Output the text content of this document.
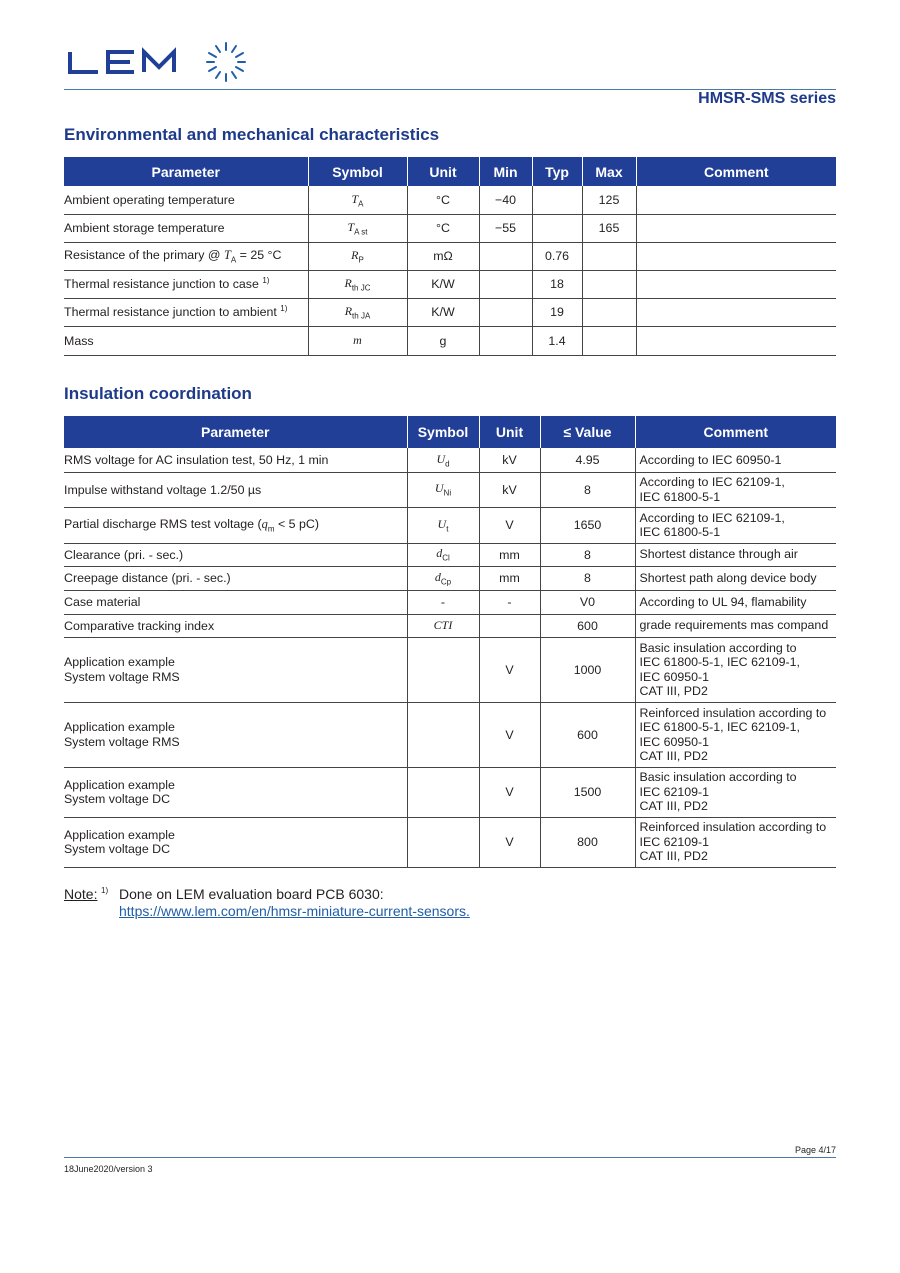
HMSR-SMS series
Environmental and mechanical characteristics
Parameter	Symbol	Unit	Min	Typ	Max	Comment
Ambient operating temperature	$T_A$	°C	−40		125	
Ambient storage temperature	$T_{A st}$	°C	−55		165	
Resistance of the primary @ $T_A = 25$ °C	$R_P$	mΩ		0.76		
Thermal resistance junction to case $^{1)}$	$R_{th JC}$	K/W		18		
Thermal resistance junction to ambient $^{1)}$	$R_{th JA}$	K/W		19		
Mass	m	g		1.4		
Insulation coordination
Parameter	Symbol	Unit	≤ Value	Comment
RMS voltage for AC insulation test, 50 Hz, 1 min	$U_d$	kV	4.95	According to IEC 60950-1

Impulse withstand voltage 1.2/50 µs	$U_{Ni}$	kV	8	According to IEC 62109-1,
IEC 61800-5-1

Partial discharge RMS test voltage ($q_m < 5$ pC)	$U_t$	V	1650	According to IEC 62109-1,
IEC 61800-5-1

Clearance (pri. - sec.)	$d_{Cl}$	mm	8	Shortest distance through air

Creepage distance (pri. - sec.)	$d_{Cp}$	mm	8	Shortest path along device body

Case material	-	-	V0	According to UL 94, flamability

Comparative tracking index	CTI		600	grade requirements mas compand

Application example
System voltage RMS		V	1000	Basic insulation according to
IEC 61800-5-1, IEC 62109-1,
IEC 60950-1
CAT III, PD2

Application example
System voltage RMS		V	600	Reinforced insulation according to
IEC 61800-5-1, IEC 62109-1,
IEC 60950-1
CAT III, PD2

Application example
System voltage DC		V	1500	Basic insulation according to
IEC 62109-1
CAT III, PD2

Application example
System voltage DC		V	800	Reinforced insulation according to
IEC 62109-1
CAT III, PD2
Note: 1) Done on LEM evaluation board PCB 6030:
https://www.lem.com/en/hmsr-miniature-current-sensors.
Page 4/17
18June2020/version 3
